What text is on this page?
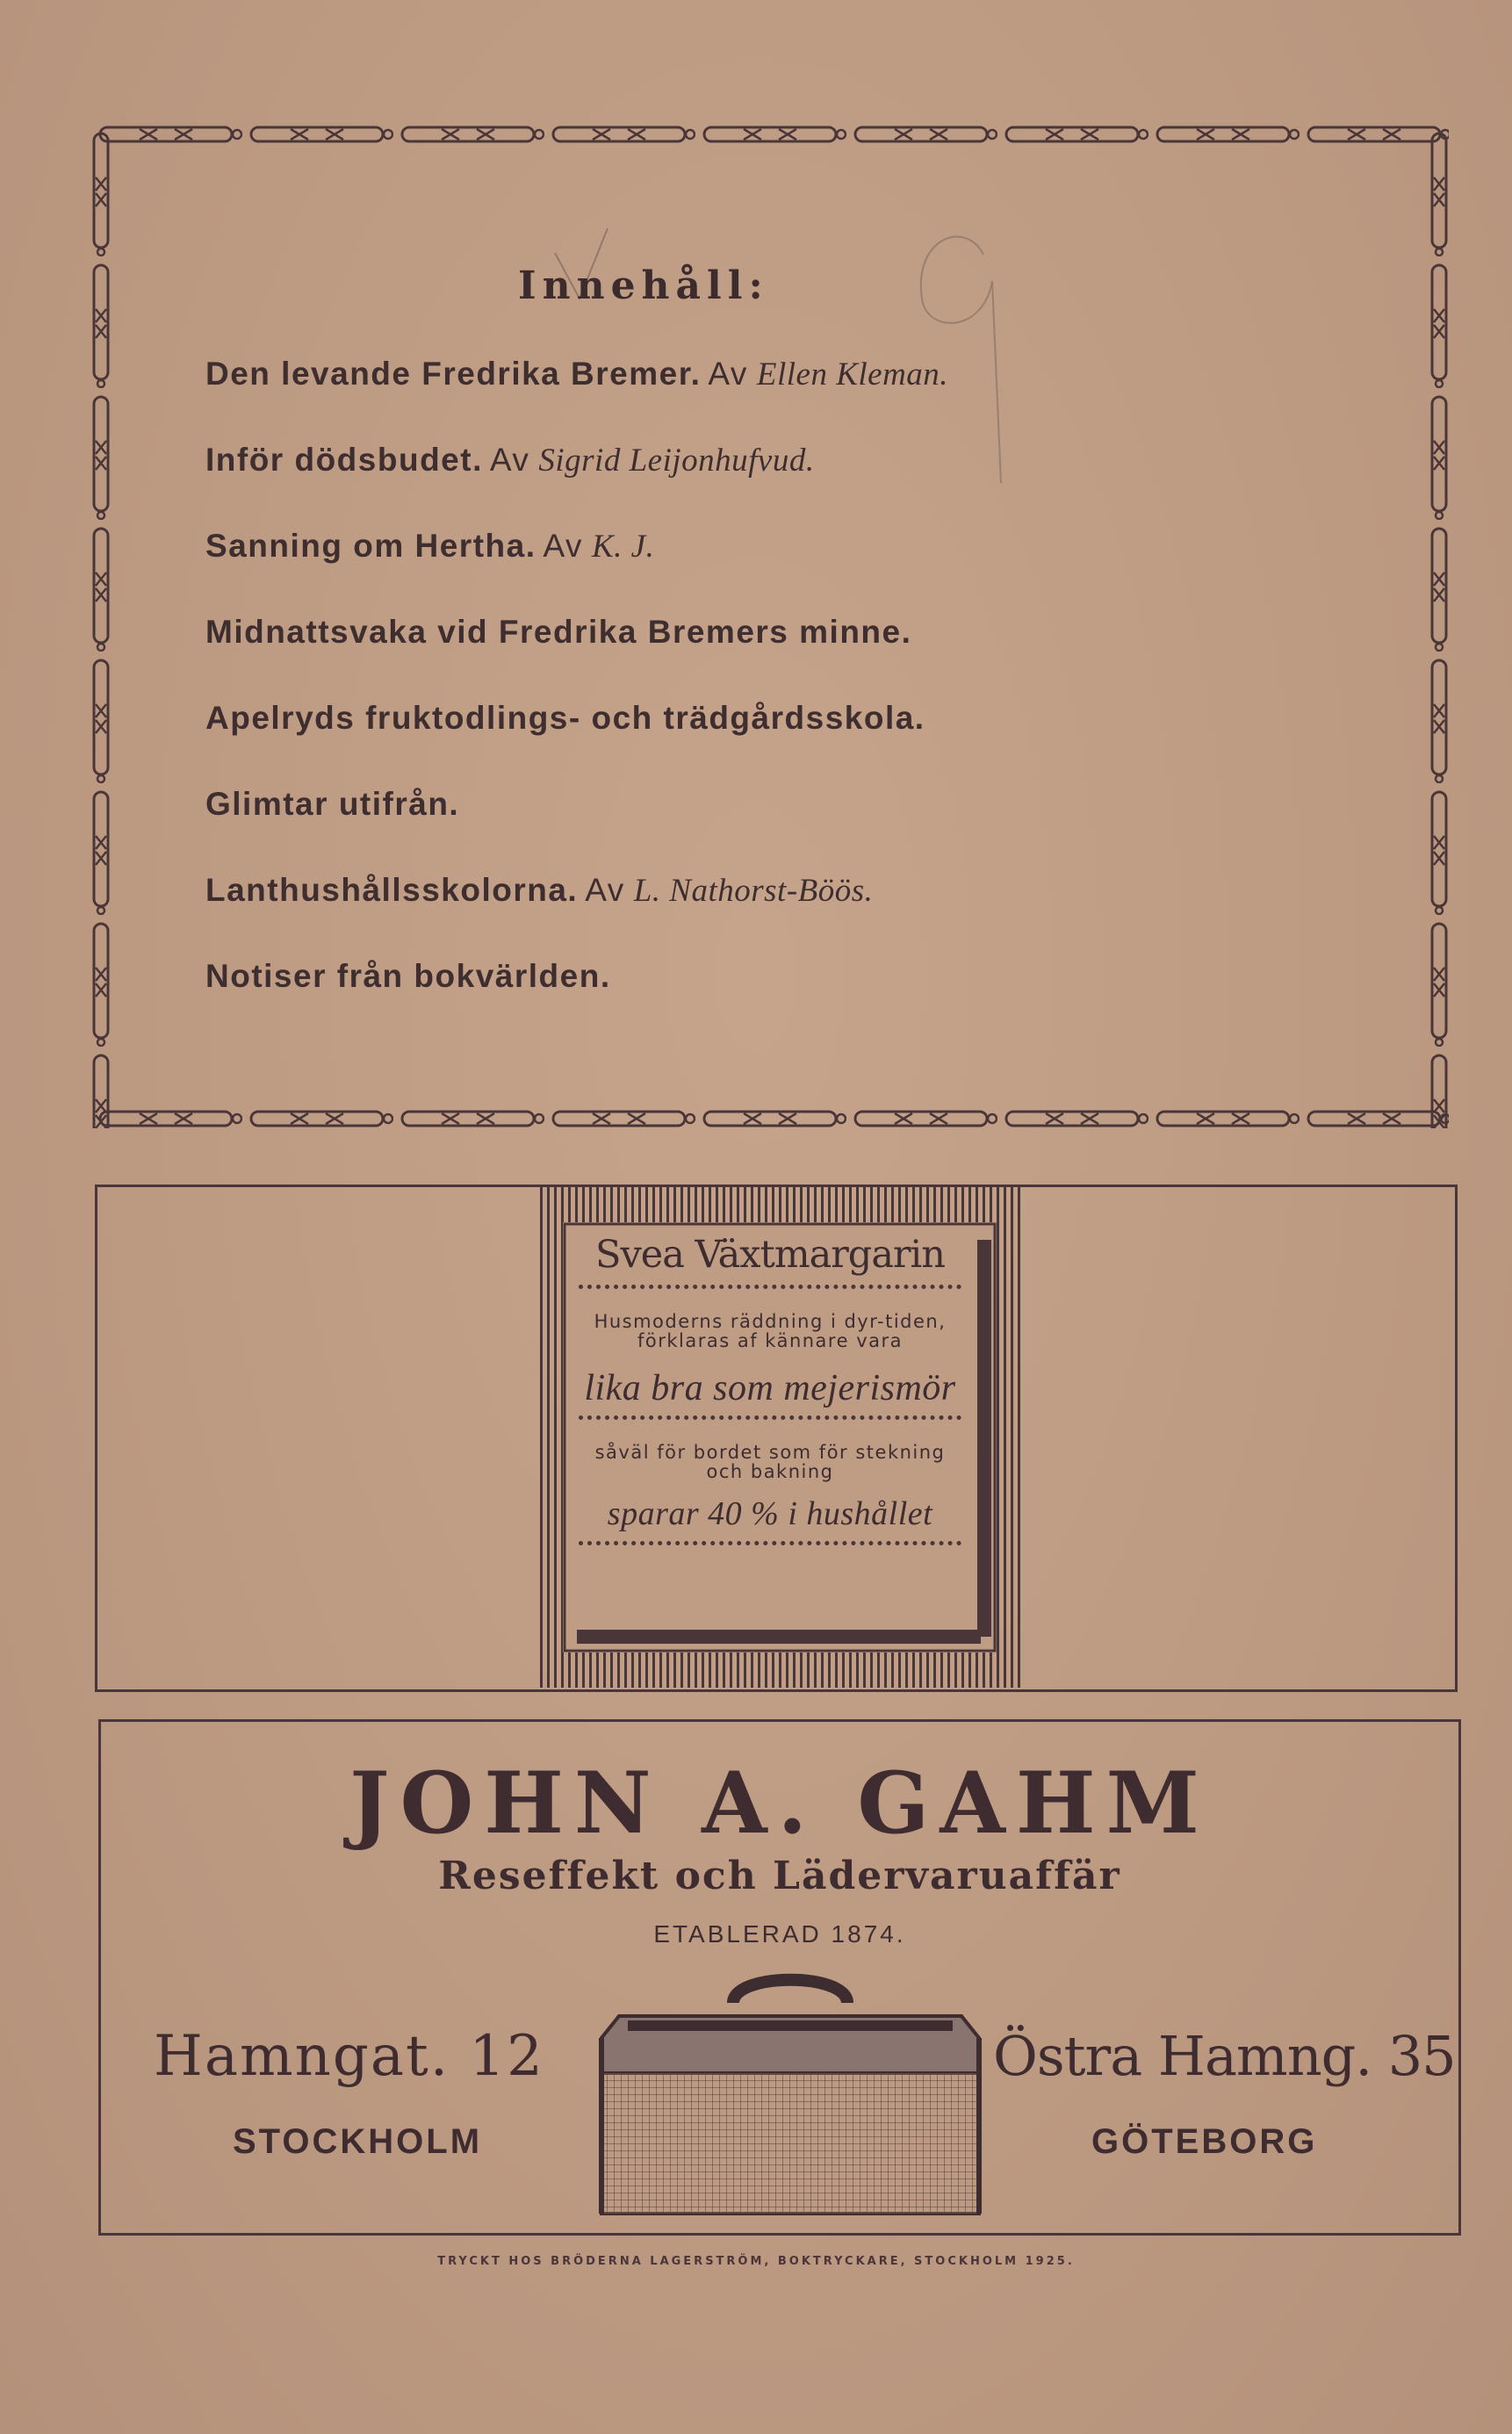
Innehåll:
Den levande Fredrika Bremer. Av Ellen Kleman.
Inför dödsbudet. Av Sigrid Leijonhufvud.
Sanning om Hertha. Av K. J.
Midnattsvaka vid Fredrika Bremers minne.
Apelryds fruktodlings- och trädgårdsskola.
Glimtar utifrån.
Lanthushållsskolorna. Av L. Nathorst-Böös.
Notiser från bokvärlden.
Svea Växtmargarin
Husmoderns räddning i dyr-tiden, förklaras af kännare vara
lika bra som mejerismör
såväl för bordet som för stekning och bakning
sparar 40 % i hushållet
JOHN A. GAHM
Reseffekt och Lädervaruaffär
ETABLERAD 1874.
Hamngat. 12
STOCKHOLM
Östra Hamng. 35
GÖTEBORG
TRYCKT HOS BRÖDERNA LAGERSTRÖM, BOKTRYCKARE, STOCKHOLM 1925.
